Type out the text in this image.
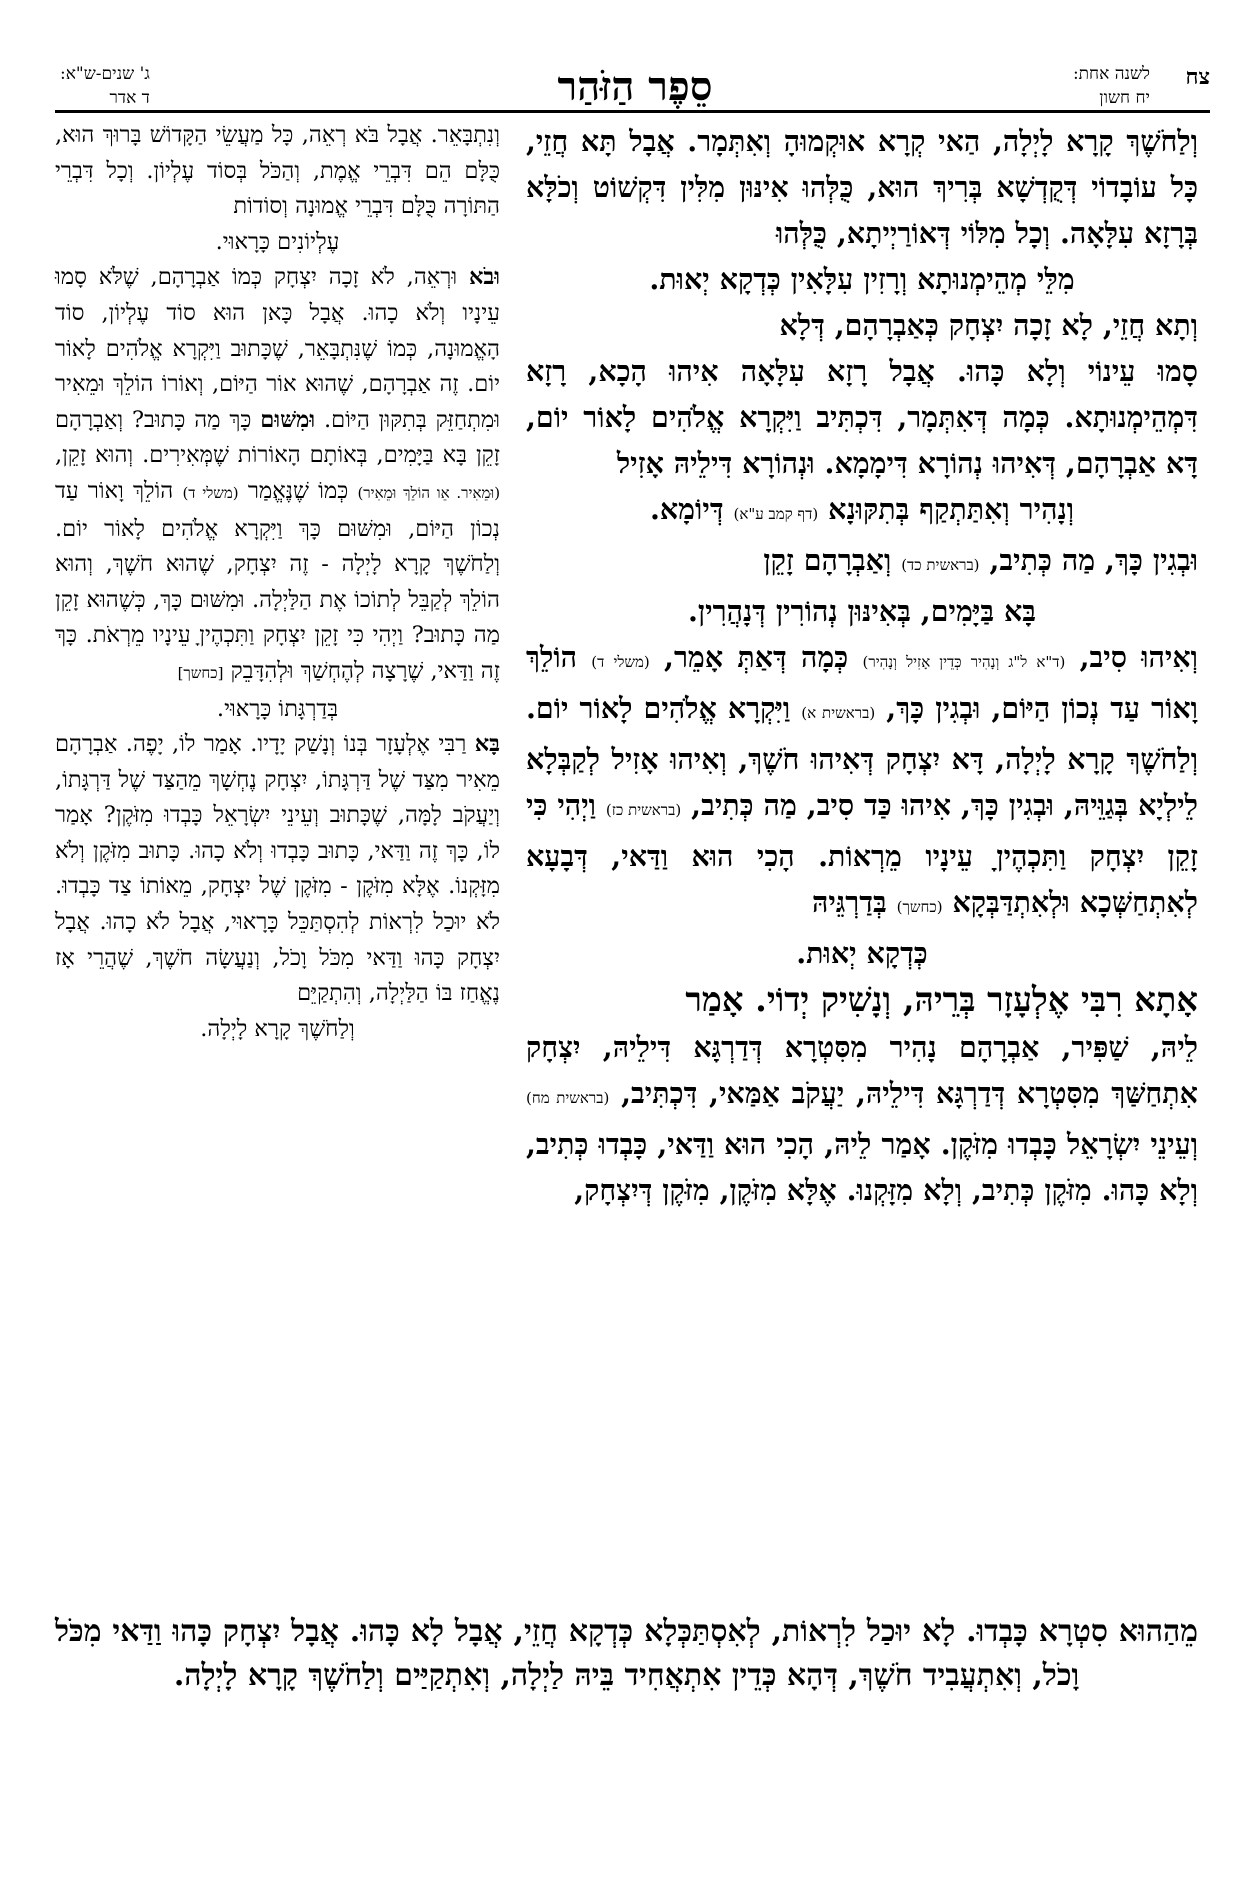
צח
לשנה אחת:
יח חשון
סֵפֶר הַזֹּהַר
ג' שנים-ש"א:
ד אדר

וְלַחֹשֶׁךְ קָרָא לָיְלָה, הַאי קְרָא אוּקְמוּהָ וְאִתְּמָר. אֲבָל תָּא חֲזֵי, כָּל עוֹבָדוֹי דְּקֻדְשָׁא בְּרִיךְ הוּא, כֻּלְּהוּ אִינּוּן מִלִּין דִּקְשׁוֹט וְכֹלָּא בְּרָזָא עִלָּאָה. וְכָל מִלּוֹי דְּאוֹרַיְיתָא, כֻּלְּהוּ

מִלֵּי מְהֵימְנוּתָא וְרָזִין עִלָּאִין כְּדְקָא יְאוּת.

וְתָא חֲזֵי, לָא זָכָה יִצְחָק כְּאַבְרָהָם, דְּלָא

סָמוּ עֵינוֹי וְלָא כָּהוּ. אֲבָל רָזָא עִלָּאָה אִיהוּ הָכָא, רָזָא דִּמְהֵימְנוּתָא. כְּמָה דְּאִתְּמָר, דִּכְתִּיב וַיִּקְרָא אֱלֹהִים לָאוֹר יוֹם, דָּא אַבְרָהָם, דְּאִיהוּ נְהוֹרָא דִּימָמָא. וּנְהוֹרָא דִּילֵיהּ אָזִיל

וְנָהִיר וְאִתַּתְקַף בְּתִקּוּנָא (דף קמב ע"א) דְּיוֹמָא.

וּבְגִין כָּךְ, מַה כְּתִיב, (בראשית כד) וְאַבְרָהָם זָקֵן

בָּא בַּיָּמִים, בְּאִינּוּן נְהוֹרִין דְּנָהֲרִין.

וְאִיהוּ סִיב, (ד"א ל"ג וְנָהִיר כְּדֵין אָזִיל וְנָהִיר) כְּמָה דְּאַתְּ אָמֵר, (משלי ד) הוֹלֵךְ וָאוֹר עַד נְכוֹן הַיּוֹם, וּבְגִין כָּךְ, (בראשית א) וַיִּקְרָא אֱלֹהִים לָאוֹר יוֹם. וְלַחֹשֶׁךְ קָרָא לָיְלָה, דָּא יִצְחָק דְּאִיהוּ חֹשֶׁךְ, וְאִיהוּ אָזִיל לְקַבְּלָא לֵילְיָא בְּגַוֵּיהּ, וּבְגִין כָּךְ, אִיהוּ כַּד סִיב, מַה כְּתִיב, (בראשית כז) וַיְהִי כִּי זָקֵן יִצְחָק וַתִּכְהֶיןָ עֵינָיו מֵרְאוֹת. הָכִי הוּא וַדַּאי, דְּבָעָא לְאִתְחַשְּׁכָא וּלְאִתְדַּבְּקָא (כחשך) בְּדַרְגֵּיהּ

כְּדְקָא יְאוּת.

אָתָא רִבִּי אֶלְעָזָר בְּרֵיהּ, וְנָשִׁיק יְדוֹי. אָמַר

לֵיהּ, שַׁפִּיר, אַבְרָהָם נָהִיר מִסִּטְרָא דְּדַרְגָּא דִּילֵיהּ, יִצְחָק אִתְחַשַּׁךְ מִסִּטְרָא דְּדַרְגָּא דִּילֵיהּ, יַעֲקֹב אַמַּאי, דִּכְתִּיב, (בראשית מח) וְעֵינֵי יִשְׂרָאֵל כָּבְדוּ מִזֹּקֶן. אָמַר לֵיהּ, הָכִי הוּא וַדַּאי, כָּבְדוּ כְּתִיב, וְלָא כָּהוּ. מִזֹּקֶן כְּתִיב, וְלָא מִזָּקְנוּ. אֶלָּא מִזֹּקֶן, מִזֹּקֶן דְּיִצְחָק,

וְנִתְבָּאֵר. אֲבָל בֹּא רְאֵה, כָּל מַעֲשֵׂי הַקָּדוֹשׁ בָּרוּךְ הוּא, כֻּלָּם הֵם דִּבְרֵי אֱמֶת, וְהַכֹּל בְּסוֹד עֶלְיוֹן. וְכָל דִּבְרֵי הַתּוֹרָה כֻּלָּם דִּבְרֵי אֱמוּנָה וְסוֹדוֹת

עֶלְיוֹנִים כָּרָאוּי.

וּבֹא וּרְאֵה, לֹא זָכָה יִצְחָק כְּמוֹ אַבְרָהָם, שֶׁלֹּא סָמוּ עֵינָיו וְלֹא כָהוּ. אֲבָל כָּאן הוּא סוֹד עֶלְיוֹן, סוֹד הָאֱמוּנָה, כְּמוֹ שֶׁנִּתְבָּאֵר, שֶׁכָּתוּב וַיִּקְרָא אֱלֹהִים לָאוֹר יוֹם. זֶה אַבְרָהָם, שֶׁהוּא אוֹר הַיּוֹם, וְאוֹרוֹ הוֹלֵךְ וּמֵאִיר וּמִתְחַזֵּק בְּתִקּוּן הַיּוֹם. וּמִשּׁוּם כָּךְ מַה כָּתוּב? וְאַבְרָהָם זָקֵן בָּא בַּיָּמִים, בְּאוֹתָם הָאוֹרוֹת שֶׁמְּאִירִים. וְהוּא זָקֵן, (וּמֵאִיר. אֵו הוֹלֵךְ וּמֵאִיר) כְּמוֹ שֶׁנֶּאֱמַר (משלי ד) הוֹלֵךְ וָאוֹר עַד נְכוֹן הַיּוֹם, וּמִשּׁוּם כָּךְ וַיִּקְרָא אֱלֹהִים לָאוֹר יוֹם. וְלַחֹשֶׁךְ קָרָא לָיְלָה - זֶה יִצְחָק, שֶׁהוּא חֹשֶׁךְ, וְהוּא הוֹלֵךְ לְקַבֵּל לְתוֹכוֹ אֶת הַלַּיְלָה. וּמִשּׁוּם כָּךְ, כְּשֶׁהוּא זָקֵן מַה כָּתוּב? וַיְהִי כִּי זָקֵן יִצְחָק וַתִּכְהֶיןָ עֵינָיו מֵרְאֹת. כָּךְ זֶה וַדַּאי, שֶׁרָצָה לְהֶחְשַׁךְ וּלְהִדָּבֵק [כחשך]

בְּדַרְגָּתוֹ כָּרָאוּי.

בָּא רַבִּי אֶלְעָזָר בְּנוֹ וְנָשַׁק יָדָיו. אָמַר לוֹ, יָפֶה. אַבְרָהָם מֵאִיר מִצַּד שֶׁל דַּרְגָּתוֹ, יִצְחָק נֶחְשָׁךְ מֵהַצַּד שֶׁל דַּרְגָּתוֹ, וְיַעֲקֹב לָמָּה, שֶׁכָּתוּב וְעֵינֵי יִשְׂרָאֵל כָּבְדוּ מִזֹּקֶן? אָמַר לוֹ, כָּךְ זֶה וַדַּאי, כָּתוּב כָּבְדוּ וְלֹא כָהוּ. כָּתוּב מִזֹּקֶן וְלֹא מִזָּקְנוֹ. אֶלָּא מִזֹּקֶן - מִזֹּקֶן שֶׁל יִצְחָק, מֵאוֹתוֹ צַד כָּבְדוּ. לֹא יוּכַל לִרְאוֹת לְהִסְתַּכֵּל כָּרָאוּי, אֲבָל לֹא כָהוּ. אֲבָל יִצְחָק כָּהוּ וַדַּאי מִכֹּל וָכֹל, וְנַעֲשָׂה חֹשֶׁךְ, שֶׁהֲרֵי אָז נֶאֱחַז בּוֹ הַלַּיְלָה, וְהִתְקַיֵּם

וְלַחֹשֶׁךְ קָרָא לָיְלָה.

מֵהַהוּא סִטְרָא כָּבְדוּ. לָא יוּכַל לִרְאוֹת, לְאִסְתַּכְּלָא כְּדְקָא חֲזֵי, אֲבָל לָא כָּהוּ. אֲבָל יִצְחָק כָּהוּ וַדַּאי מִכֹּל וָכֹל, וְאִתְעֲבִיד חֹשֶׁךְ, דְּהָא כְּדֵין אִתְאֲחִיד בֵּיהּ לַיְלָה, וְאִתְקַיַּים וְלַחֹשֶׁךְ קָרָא לָיְלָה.
